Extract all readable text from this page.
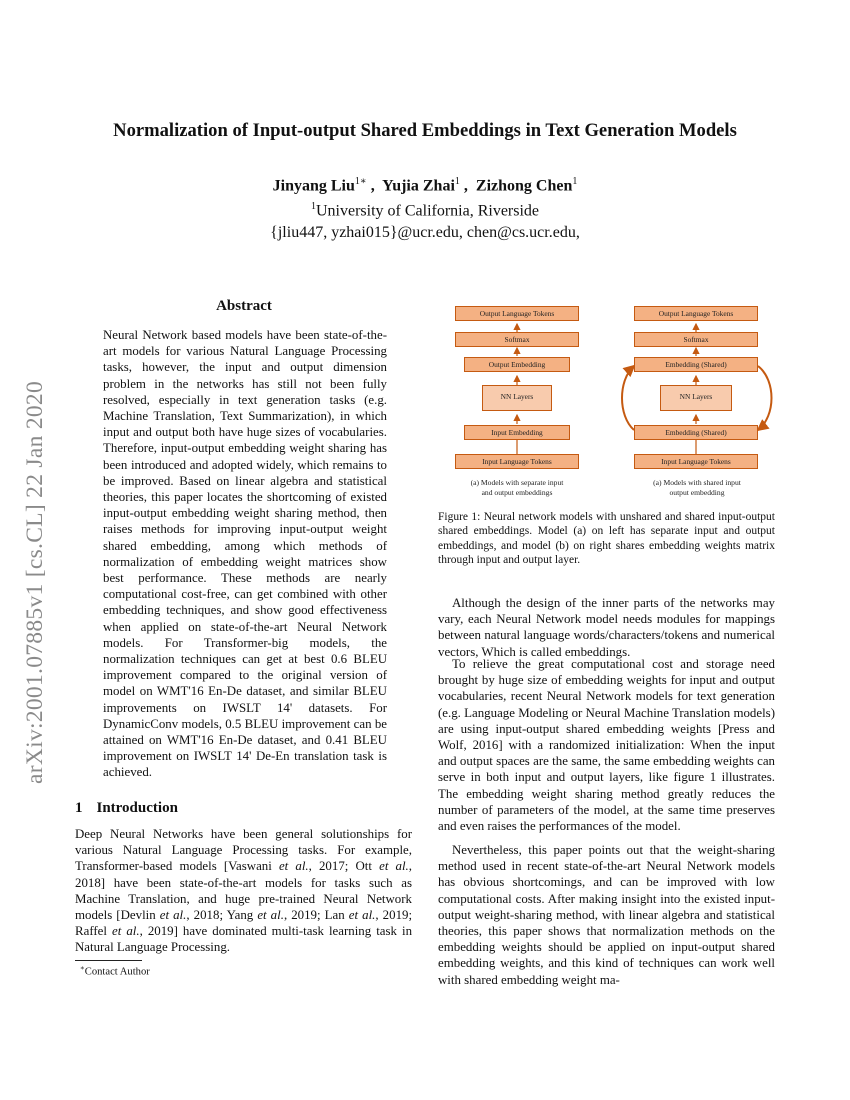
Normalization of Input-output Shared Embeddings in Text Generation Models
Jinyang Liu$^{1∗}$ ,  Yujia Zhai$^1$ ,  Zizhong Chen$^1$
$^1$University of California, Riverside
{jliu447, yzhai015}@ucr.edu, chen@cs.ucr.edu,
arXiv:2001.07885v1 [cs.CL] 22 Jan 2020
Abstract
Neural Network based models have been state-of-the-art models for various Natural Language Processing tasks, however, the input and output dimension problem in the networks has still not been fully resolved, especially in text generation tasks (e.g. Machine Translation, Text Summarization), in which input and output both have huge sizes of vocabularies. Therefore, input-output embedding weight sharing has been introduced and adopted widely, which remains to be improved. Based on linear algebra and statistical theories, this paper locates the shortcoming of existed input-output embedding weight sharing method, then raises methods for improving input-output weight shared embedding, among which methods of normalization of embedding weight matrices show best performance. These methods are nearly computational cost-free, can get combined with other embedding techniques, and show good effectiveness when applied on state-of-the-art Neural Network models. For Transformer-big models, the normalization techniques can get at best 0.6 BLEU improvement compared to the original version of model on WMT'16 En-De dataset, and similar BLEU improvements on IWSLT 14' datasets. For DynamicConv models, 0.5 BLEU improvement can be attained on WMT'16 En-De dataset, and 0.41 BLEU improvement on IWSLT 14' De-En translation task is achieved.
1 Introduction
Deep Neural Networks have been general solutionships for various Natural Language Processing tasks. For example, Transformer-based models [Vaswani et al., 2017; Ott et al., 2018] have been state-of-the-art models for tasks such as Machine Translation, and huge pre-trained Neural Network models [Devlin et al., 2018; Yang et al., 2019; Lan et al., 2019; Raffel et al., 2019] have dominated multi-task learning task in Natural Language Processing.
∗Contact Author
Output Language Tokens
Softmax
Output Embedding
NN Layers
Input Embedding
Input Language Tokens
(a) Models with separate input
and output embeddings
Output Language Tokens
Softmax
Embedding (Shared)
NN Layers
Embedding (Shared)
Input Language Tokens
(a) Models with shared input
output embedding
Figure 1: Neural network models with unshared and shared input-output shared embeddings. Model (a) on left has separate input and output embeddings, and model (b) on right shares embedding weights matrix through input and output layer.
Although the design of the inner parts of the networks may vary, each Neural Network model needs modules for mappings between natural language words/characters/tokens and numerical vectors, Which is called embeddings.
To relieve the great computational cost and storage need brought by huge size of embedding weights for input and output vocabularies, recent Neural Network models for text generation (e.g. Language Modeling or Neural Machine Translation models) are using input-output shared embedding weights [Press and Wolf, 2016] with a randomized initialization: When the input and output spaces are the same, the same embedding weights can serve in both input and output layers, like figure 1 illustrates. The embedding weight sharing method greatly reduces the number of parameters of the model, at the same time preserves and even raises the performances of the model.
Nevertheless, this paper points out that the weight-sharing method used in recent state-of-the-art Neural Network models has obvious shortcomings, and can be improved with low computational costs. After making insight into the existed input-output weight-sharing method, with linear algebra and statistical theories, this paper shows that normalization methods on the embedding weights should be applied on input-output shared embedding weights, and this kind of techniques can work well with shared embedding weight ma-
